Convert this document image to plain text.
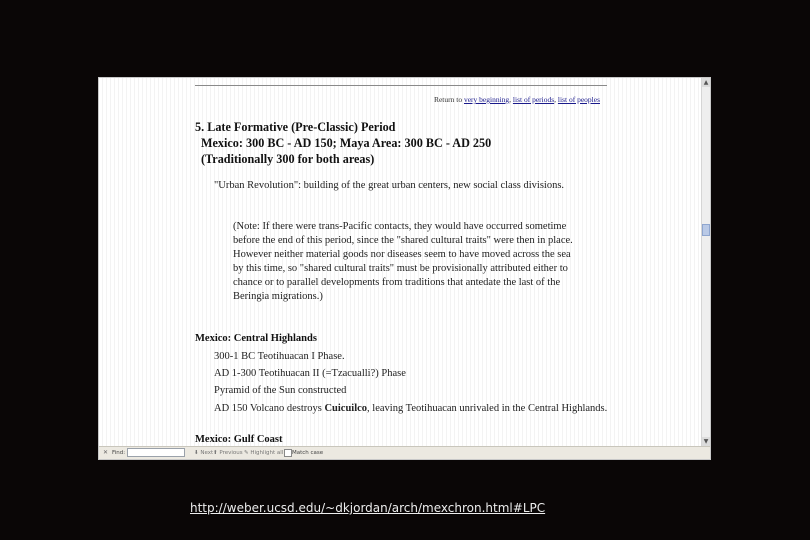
Return to very beginning, list of periods, list of peoples
5. Late Formative (Pre-Classic) Period
Mexico: 300 BC - AD 150; Maya Area: 300 BC - AD 250
(Traditionally 300 for both areas)
"Urban Revolution": building of the great urban centers, new social class divisions.
(Note: If there were trans-Pacific contacts, they would have occurred sometime before the end of this period, since the "shared cultural traits" were then in place. However neither material goods nor diseases seem to have moved across the sea by this time, so "shared cultural traits" must be provisionally attributed either to chance or to parallel developments from traditions that antedate the last of the Beringia migrations.)
Mexico: Central Highlands
300-1 BC Teotihuacan I Phase.
AD 1-300 Teotihuacan II (=Tzacualli?) Phase
Pyramid of the Sun constructed
AD 150 Volcano destroys Cuicuilco, leaving Teotihuacan unrivaled in the Central Highlands.
Mexico: Gulf Coast
▲
▼
✕ Find:	⬇ Next ⬆ Previous ✎ Highlight all Match case
http://weber.ucsd.edu/~dkjordan/arch/mexchron.html#LPC
